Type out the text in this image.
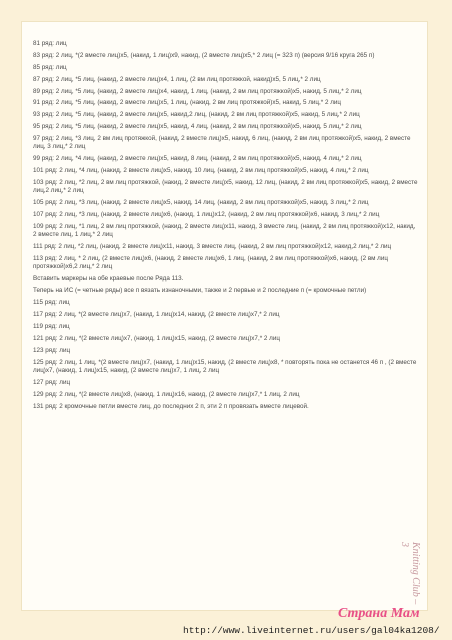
81 ряд: лиц
83 ряд: 2 лиц, *(2 вместе лиц)х5, (накид, 1 лиц)х9, накид, (2 вместе лиц)х5,* 2 лиц (= 323 п) (версия 9/16 круга 265 п)
85 ряд: лиц
87 ряд: 2 лиц, *5 лиц, (накид, 2 вместе лиц)х4, 1 лиц, (2 вм лиц протяжкой, накид)х5, 5 лиц,* 2 лиц
89 ряд: 2 лиц, *5 лиц, (накид, 2 вместе лиц)х4, накид, 1 лиц, (накид, 2 вм лиц протяжкой)х5, накид, 5 лиц,* 2 лиц
91 ряд: 2 лиц, *5 лиц, (накид, 2 вместе лиц)х5, 1 лиц, (накид, 2 вм лиц протяжкой)х5, накид, 5 лиц,* 2 лиц
93 ряд: 2 лиц, *5 лиц, (накид, 2 вместе лиц)х5, накид,2 лиц, (накид, 2 вм лиц протяжкой)х5, накид, 5 лиц,* 2 лиц
95 ряд: 2 лиц, *5 лиц, (накид, 2 вместе лиц)х5, накид, 4 лиц, (накид, 2 вм лиц протяжкой)х5, накид, 5 лиц,* 2 лиц
97 ряд: 2 лиц, *3 лиц, 2 вм лиц протяжкой, (накид, 2 вместе лиц)х5, накид, 6 лиц, (накид, 2 вм лиц протяжкой)х5, накид, 2 вместе лиц, 3 лиц,* 2 лиц
99 ряд: 2 лиц, *4 лиц, (накид, 2 вместе лиц)х5, накид, 8 лиц, (накид, 2 вм лиц протяжкой)х5, накид, 4 лиц,* 2 лиц
101 ряд: 2 лиц, *4 лиц, (накид, 2 вместе лиц)х5, накид, 10 лиц, (накид, 2 вм лиц протяжкой)х5, накид, 4 лиц,* 2 лиц
103 ряд: 2 лиц, *2 лиц, 2 вм лиц протяжкой, (накид, 2 вместе лиц)х5, накид, 12 лиц, (накид, 2 вм лиц протяжкой)х5, накид, 2 вместе лиц,2 лиц,* 2 лиц
105 ряд: 2 лиц, *3 лиц, (накид, 2 вместе лиц)х5, накид, 14 лиц, (накид, 2 вм лиц протяжкой)х5, накид, 3 лиц,* 2 лиц
107 ряд: 2 лиц, *3 лиц, (накид, 2 вместе лиц)х6, (накид, 1 лиц)х12, (накид, 2 вм лиц протяжкой)х6, накид, 3 лиц,* 2 лиц
109 ряд: 2 лиц, *1 лиц, 2 вм лиц протяжкой, (накид, 2 вместе лиц)х11, накид, 3 вместе лиц, (накид, 2 вм лиц протяжкой)х12, накид, 2 вместе лиц, 1 лиц,* 2 лиц
111 ряд: 2 лиц, *2 лиц, (накид, 2 вместе лиц)х11, накид, 3 вместе лиц, (накид, 2 вм лиц протяжкой)х12, накид,2 лиц,* 2 лиц
113 ряд: 2 лиц, * 2 лиц, (2 вместе лиц)х6, (накид, 2 вместе лиц)х6, 1 лиц, (накид, 2 вм лиц протяжкой)х6, накид, (2 вм лиц протяжкой)х6,2 лиц,* 2 лиц
Вставить маркеры на обе краевые после Ряда 113.
Теперь на ИС (= четные ряды) все п вязать изнаночными, также и 2 первые и 2 последние п (= кромочные петли)
115 ряд: лиц
117 ряд: 2 лиц, *(2 вместе лиц)х7, (накид, 1 лиц)х14, накид, (2 вместе лиц)х7,* 2 лиц
119 ряд: лиц
121 ряд: 2 лиц, *(2 вместе лиц)х7, (накид, 1 лиц)х15, накид, (2 вместе лиц)х7,* 2 лиц
123 ряд: лиц
125 ряд: 2 лиц, 1 лиц, *(2 вместе лиц)х7, (накид, 1 лиц)х15, накид, (2 вместе лиц)х8, * повторять пока не останется 46 п , (2 вместе лиц)х7, (накид, 1 лиц)х15, накид, (2 вместе лиц)х7, 1 лиц, 2 лиц
127 ряд: лиц
129 ряд: 2 лиц, *(2 вместе лиц)х8, (накид, 1 лиц)х16, накид, (2 вместе лиц)х7,* 1 лиц, 2 лиц
131 ряд: 2 кромочные петли вместе лиц, до последних 2 п, эти 2 п провязать вместе лицевой.
Knitting Club – 3
http://www.liveinternet.ru/users/gal04ka1208/
Страна Мам
